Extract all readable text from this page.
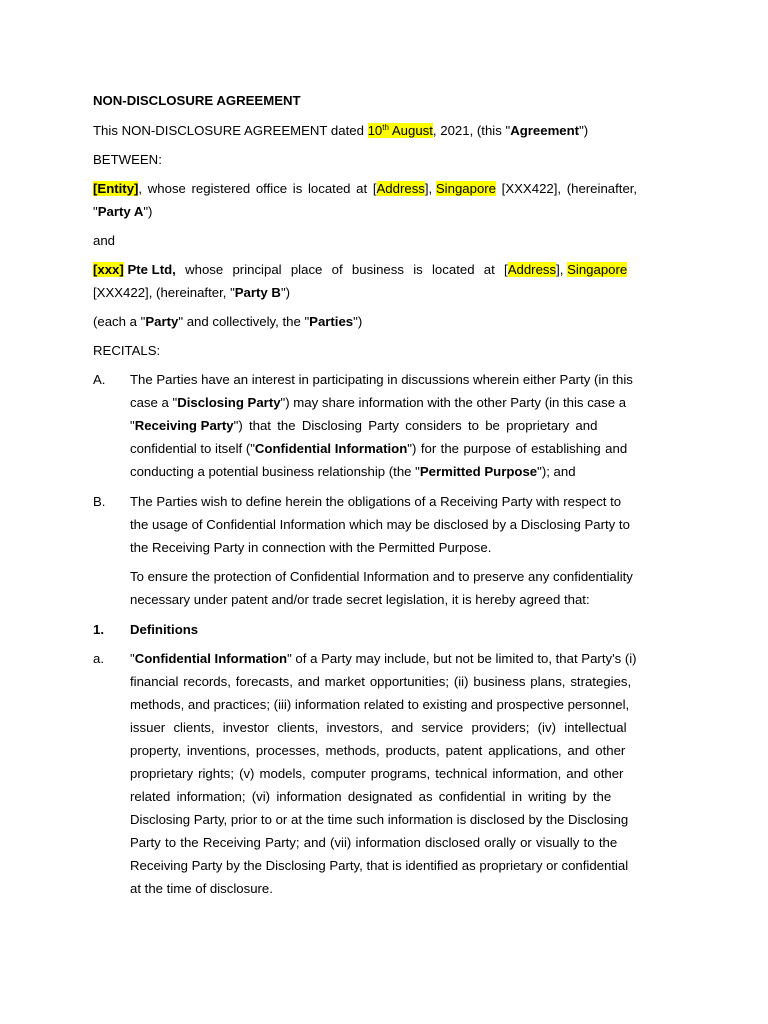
NON-DISCLOSURE AGREEMENT
This NON-DISCLOSURE AGREEMENT dated 10th August, 2021, (this "Agreement")
BETWEEN:
[Entity], whose registered office is located at [Address], Singapore [XXX422], (hereinafter,
"Party A")
and
[xxx] Pte Ltd, whose principal place of business is located at [Address], Singapore
[XXX422], (hereinafter, "Party B")
(each a "Party" and collectively, the "Parties")
RECITALS:
A. The Parties have an interest in participating in discussions wherein either Party (in this
case a "Disclosing Party") may share information with the other Party (in this case a
"Receiving Party") that the Disclosing Party considers to be proprietary and
confidential to itself ("Confidential Information") for the purpose of establishing and
conducting a potential business relationship (the "Permitted Purpose"); and
B. The Parties wish to define herein the obligations of a Receiving Party with respect to
the usage of Confidential Information which may be disclosed by a Disclosing Party to
the Receiving Party in connection with the Permitted Purpose.
To ensure the protection of Confidential Information and to preserve any confidentiality
necessary under patent and/or trade secret legislation, it is hereby agreed that:
1. Definitions
a. "Confidential Information" of a Party may include, but not be limited to, that Party's (i)
financial records, forecasts, and market opportunities; (ii) business plans, strategies,
methods, and practices; (iii) information related to existing and prospective personnel,
issuer clients, investor clients, investors, and service providers; (iv) intellectual
property, inventions, processes, methods, products, patent applications, and other
proprietary rights; (v) models, computer programs, technical information, and other
related information; (vi) information designated as confidential in writing by the
Disclosing Party, prior to or at the time such information is disclosed by the Disclosing
Party to the Receiving Party; and (vii) information disclosed orally or visually to the
Receiving Party by the Disclosing Party, that is identified as proprietary or confidential
at the time of disclosure.
